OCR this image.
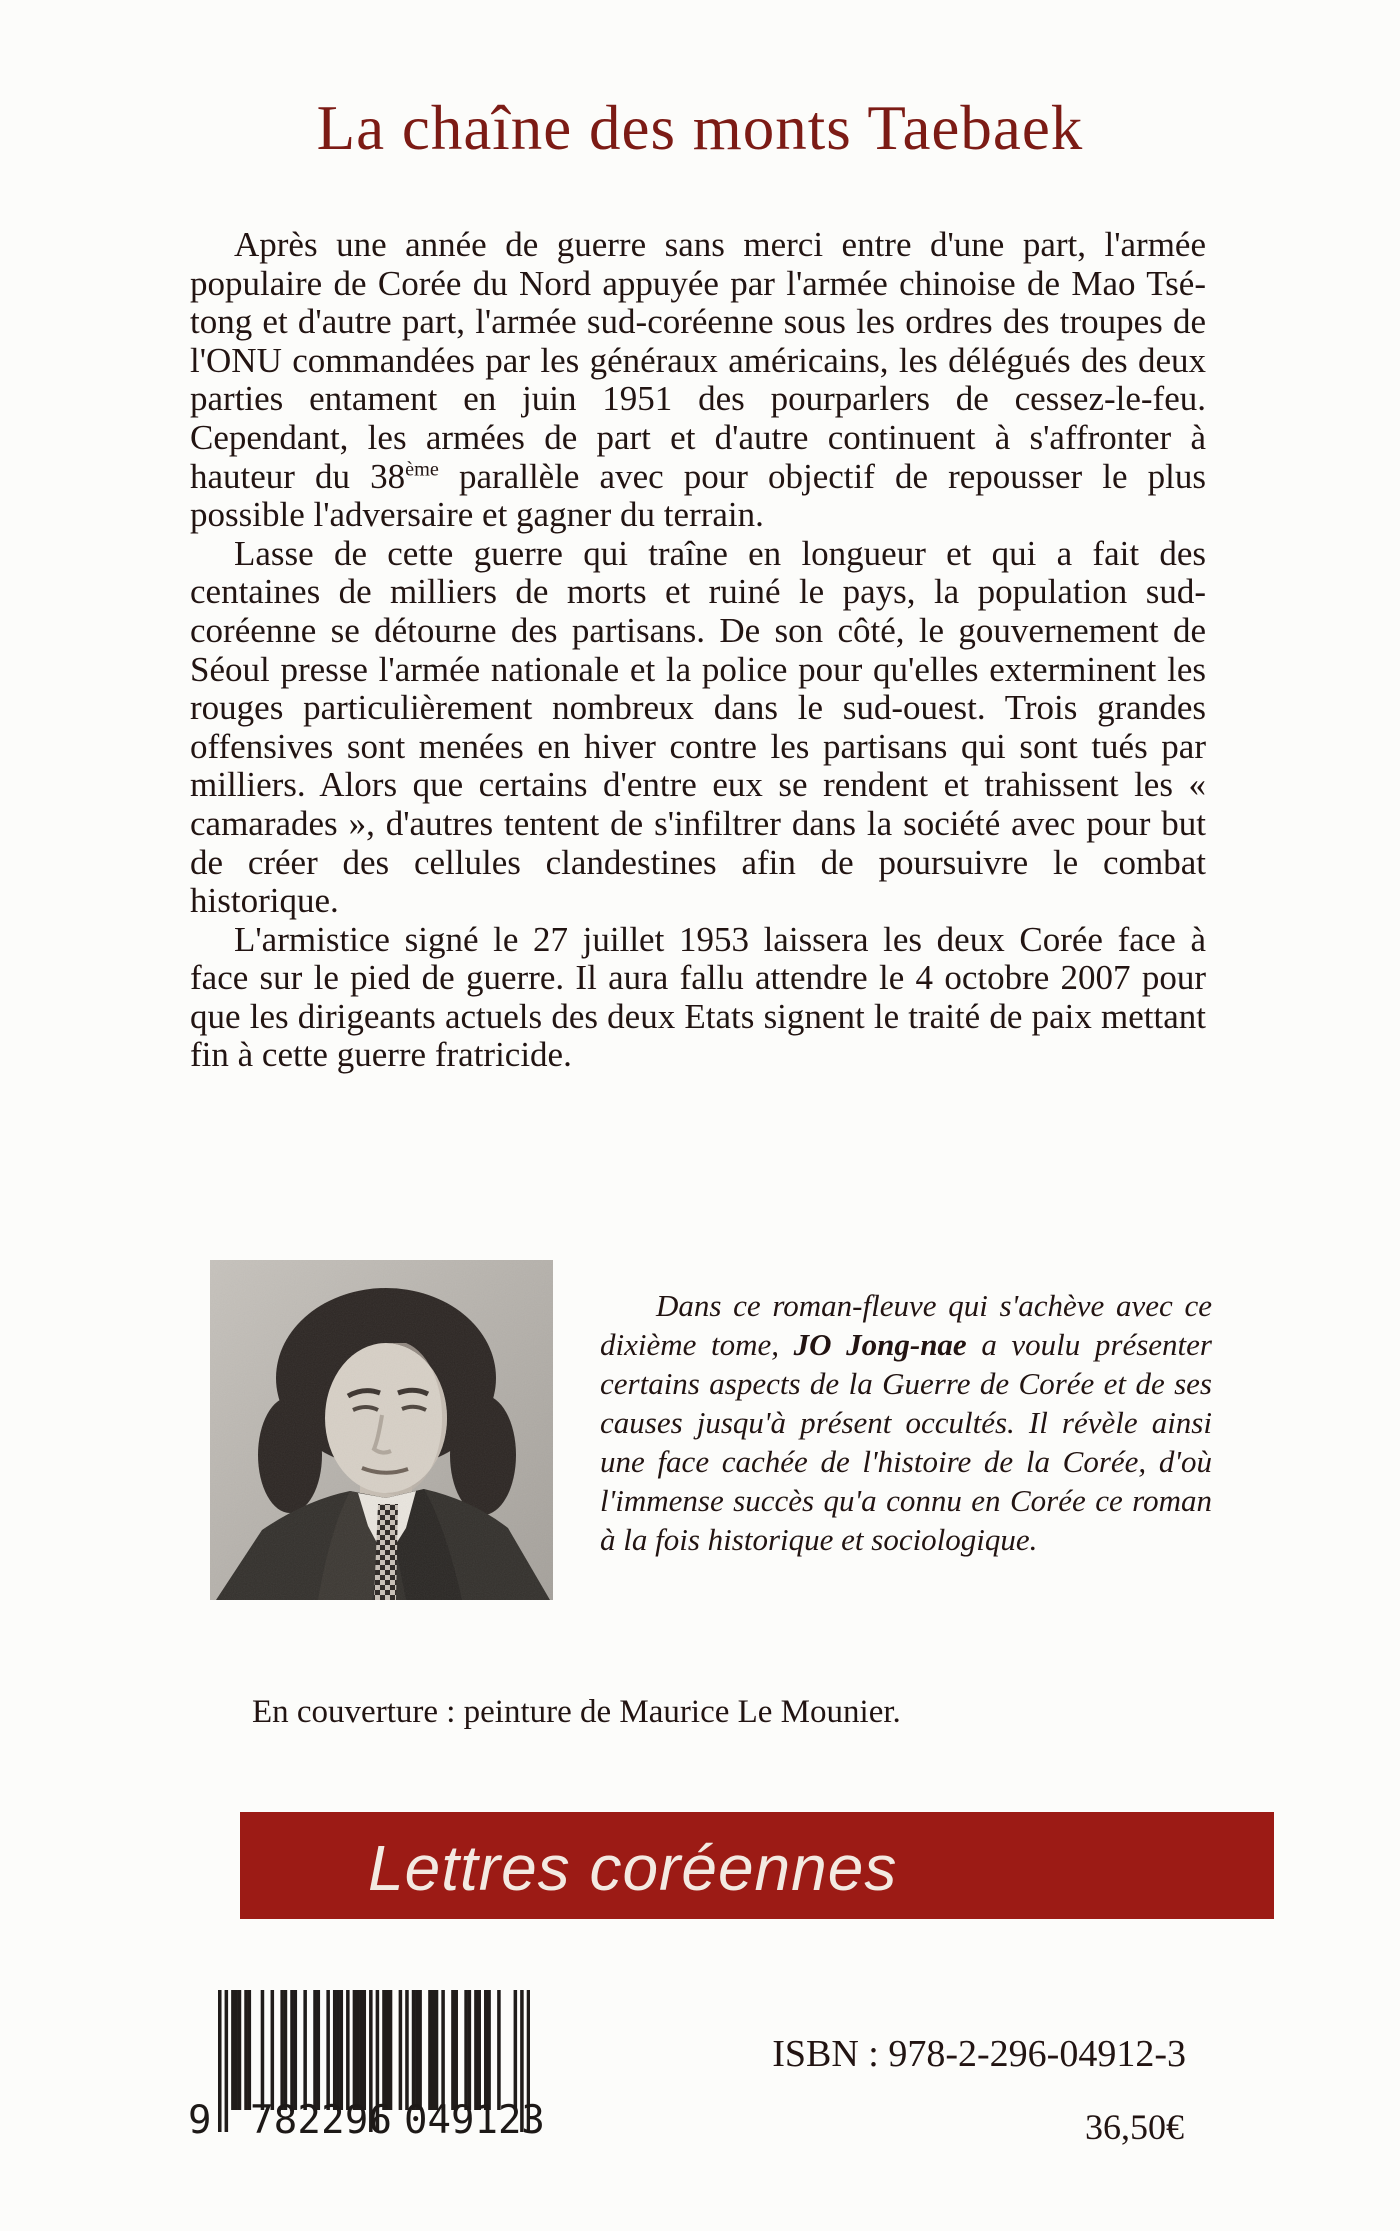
La chaîne des monts Taebaek

Après une année de guerre sans merci entre d'une part, l'armée populaire de Corée du Nord appuyée par l'armée chinoise de Mao Tsé-tong et d'autre part, l'armée sud-coréenne sous les ordres des troupes de l'ONU commandées par les généraux américains, les délégués des deux parties entament en juin 1951 des pourparlers de cessez-le-feu. Cependant, les armées de part et d'autre continuent à s'affronter à hauteur du 38ème parallèle avec pour objectif de repousser le plus possible l'adversaire et gagner du terrain.

Lasse de cette guerre qui traîne en longueur et qui a fait des centaines de milliers de morts et ruiné le pays, la population sud-coréenne se détourne des partisans. De son côté, le gouvernement de Séoul presse l'armée nationale et la police pour qu'elles exterminent les rouges particulièrement nombreux dans le sud-ouest. Trois grandes offensives sont menées en hiver contre les partisans qui sont tués par milliers. Alors que certains d'entre eux se rendent et trahissent les « camarades », d'autres tentent de s'infiltrer dans la société avec pour but de créer des cellules clandestines afin de poursuivre le combat historique.

L'armistice signé le 27 juillet 1953 laissera les deux Corée face à face sur le pied de guerre. Il aura fallu attendre le 4 octobre 2007 pour que les dirigeants actuels des deux Etats signent le traité de paix mettant fin à cette guerre fratricide.

Dans ce roman-fleuve qui s'achève avec ce dixième tome, JO Jong-nae a voulu présenter certains aspects de la Guerre de Corée et de ses causes jusqu'à présent occultés. Il révèle ainsi une face cachée de l'histoire de la Corée, d'où l'immense succès qu'a connu en Corée ce roman à la fois historique et sociologique.
En couverture : peinture de Maurice Le Mounier.
Lettres coréennes
9 7 8 2 2 9 6 0 4 9 1 2 3
ISBN : 978-2-296-04912-3
36,50€
